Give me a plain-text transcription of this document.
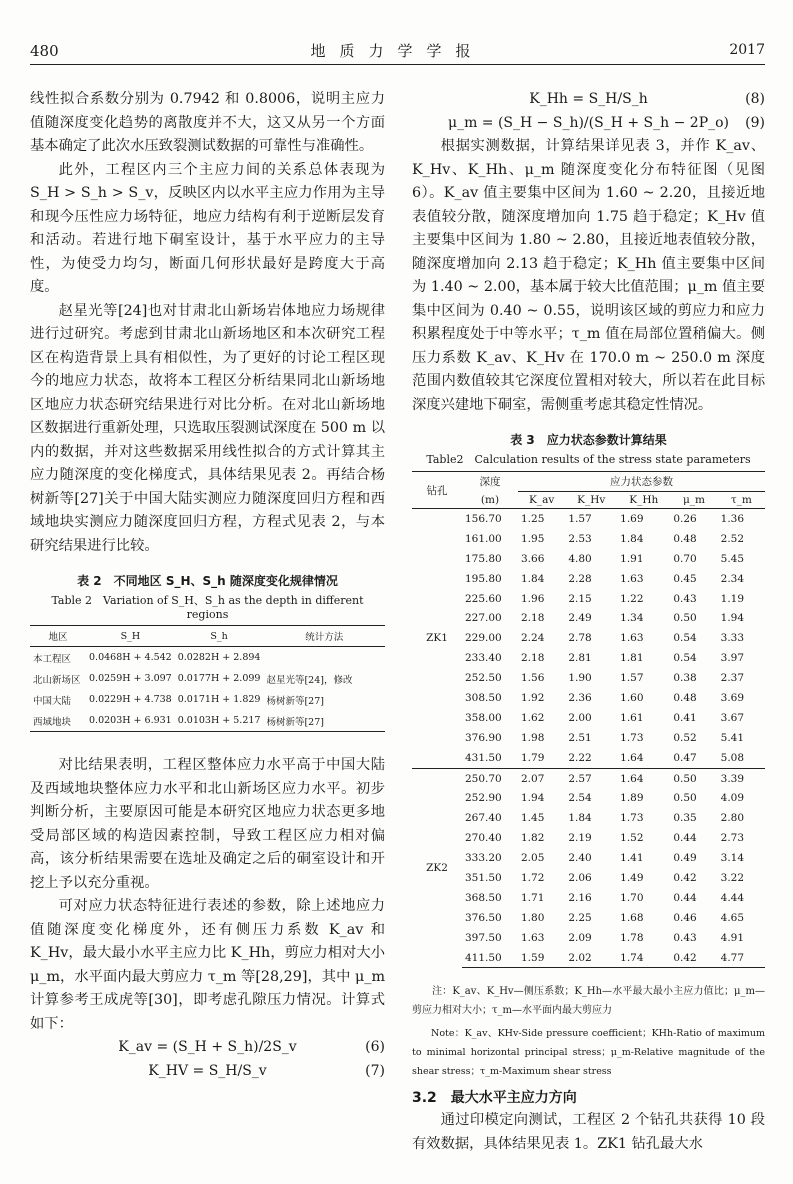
480	地质力学学报	2017

线性拟合系数分别为 0.7942 和 0.8006，说明主应力值随深度变化趋势的离散度并不大，这又从另一个方面基本确定了此次水压致裂测试数据的可靠性与准确性。

此外，工程区内三个主应力间的关系总体表现为 S_H > S_h > S_v，反映区内以水平主应力作用为主导和现今压性应力场特征，地应力结构有利于逆断层发育和活动。若进行地下硐室设计，基于水平应力的主导性，为使受力均匀，断面几何形状最好是跨度大于高度。

赵星光等[24]也对甘肃北山新场岩体地应力场规律进行过研究。考虑到甘肃北山新场地区和本次研究工程区在构造背景上具有相似性，为了更好的讨论工程区现今的地应力状态，故将本工程区分析结果同北山新场地区地应力状态研究结果进行对比分析。在对北山新场地区数据进行重新处理，只选取压裂测试深度在 500 m 以内的数据，并对这些数据采用线性拟合的方式计算其主应力随深度的变化梯度式，具体结果见表 2。再结合杨树新等[27]关于中国大陆实测应力随深度回归方程和西域地块实测应力随深度回归方程，方程式见表 2，与本研究结果进行比较。

表 2　不同地区 S_H、S_h 随深度变化规律情况
Table 2　Variation of S_H、S_h as the depth in different regions
地区	S_H	S_h	统计方法
本工程区	0.0468H + 4.542	0.0282H + 2.894	
北山新场区	0.0259H + 3.097	0.0177H + 2.099	赵星光等[24]，修改
中国大陆	0.0229H + 4.738	0.0171H + 1.829	杨树新等[27]
西域地块	0.0203H + 6.931	0.0103H + 5.217	杨树新等[27]

对比结果表明，工程区整体应力水平高于中国大陆及西域地块整体应力水平和北山新场区应力水平。初步判断分析，主要原因可能是本研究区地应力状态更多地受局部区域的构造因素控制，导致工程区应力相对偏高，该分析结果需要在选址及确定之后的硐室设计和开挖上予以充分重视。

可对应力状态特征进行表述的参数，除上述地应力值随深度变化梯度外，还有侧压力系数 K_av 和 K_Hv，最大最小水平主应力比 K_Hh，剪应力相对大小 μ_m，水平面内最大剪应力 τ_m 等[28,29]，其中 μ_m 计算参考王成虎等[30]，即考虑孔隙压力情况。计算式如下：

K_av = (S_H + S_h)/2S_v	(6)
K_HV = S_H/S_v	(7)
K_Hh = S_H/S_h	(8)
μ_m = (S_H − S_h)/(S_H + S_h − 2P_o)	(9)

根据实测数据，计算结果详见表 3，并作 K_av、K_Hv、K_Hh、μ_m 随深度变化分布特征图（见图 6）。K_av 值主要集中区间为 1.60 ~ 2.20，且接近地表值较分散，随深度增加向 1.75 趋于稳定；K_Hv 值主要集中区间为 1.80 ~ 2.80，且接近地表值较分散，随深度增加向 2.13 趋于稳定；K_Hh 值主要集中区间为 1.40 ~ 2.00，基本属于较大比值范围；μ_m 值主要集中区间为 0.40 ~ 0.55，说明该区域的剪应力和应力积累程度处于中等水平；τ_m 值在局部位置稍偏大。侧压力系数 K_av、K_Hv 在 170.0 m ~ 250.0 m 深度范围内数值较其它深度位置相对较大，所以若在此目标深度兴建地下硐室，需侧重考虑其稳定性情况。

表 3　应力状态参数计算结果
Table2　Calculation results of the stress state parameters
钻孔	深度	应力状态参数				
	(m)	K_av	K_Hv	K_Hh	μ_m	τ_m
ZK1	156.70	1.25	1.57	1.69	0.26	1.36
	161.00	1.95	2.53	1.84	0.48	2.52
	175.80	3.66	4.80	1.91	0.70	5.45
	195.80	1.84	2.28	1.63	0.45	2.34
	225.60	1.96	2.15	1.22	0.43	1.19
	227.00	2.18	2.49	1.34	0.50	1.94
	229.00	2.24	2.78	1.63	0.54	3.33
	233.40	2.18	2.81	1.81	0.54	3.97
	252.50	1.56	1.90	1.57	0.38	2.37
	308.50	1.92	2.36	1.60	0.48	3.69
	358.00	1.62	2.00	1.61	0.41	3.67
	376.90	1.98	2.51	1.73	0.52	5.41
	431.50	1.79	2.22	1.64	0.47	5.08
ZK2	250.70	2.07	2.57	1.64	0.50	3.39
	252.90	1.94	2.54	1.89	0.50	4.09
	267.40	1.45	1.84	1.73	0.35	2.80
	270.40	1.82	2.19	1.52	0.44	2.73
	333.20	2.05	2.40	1.41	0.49	3.14
	351.50	1.72	2.06	1.49	0.42	3.22
	368.50	1.71	2.16	1.70	0.44	4.44
	376.50	1.80	2.25	1.68	0.46	4.65
	397.50	1.63	2.09	1.78	0.43	4.91
	411.50	1.59	2.02	1.74	0.42	4.77
注：K_av、K_Hv—侧压系数；K_Hh—水平最大最小主应力值比；μ_m—剪应力相对大小；τ_m—水平面内最大剪应力
Note：K_av、KHv-Side pressure coefficient；KHh-Ratio of maximum to minimal horizontal principal stress；μ_m-Relative magnitude of the shear stress；τ_m-Maximum shear stress
3.2　最大水平主应力方向

通过印模定向测试，工程区 2 个钻孔共获得 10 段有效数据，具体结果见表 1。ZK1 钻孔最大水
